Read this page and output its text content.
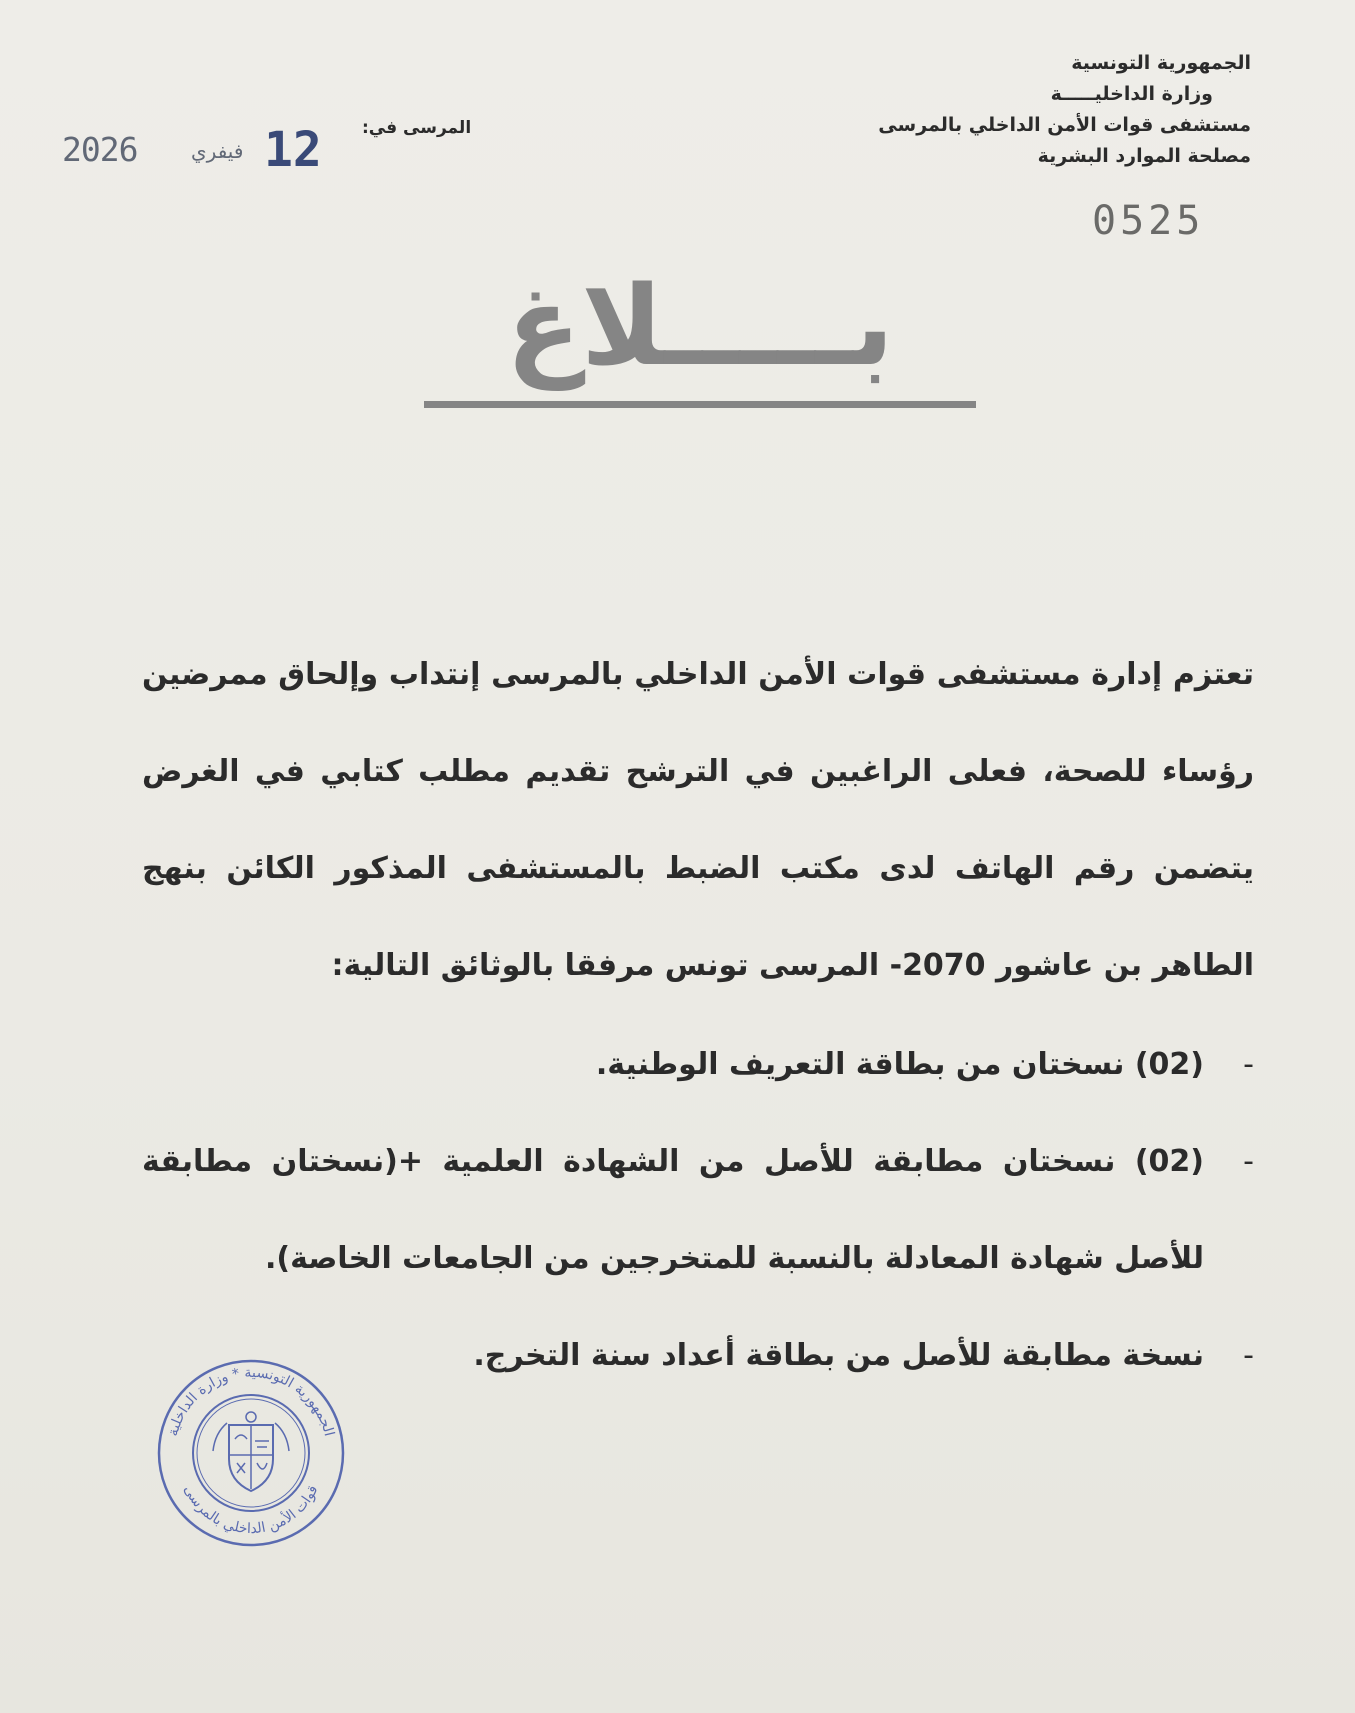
الجمهورية التونسية
وزارة الداخليـــــة
مستشفى قوات الأمن الداخلي بالمرسى
مصلحة الموارد البشرية
0525
المرسى في:
2026	فيفري 12
بـــــلاغ
تعتزم إدارة مستشفى قوات الأمن الداخلي بالمرسى إنتداب وإلحاق ممرضين رؤساء للصحة، فعلى الراغبين في الترشح تقديم مطلب كتابي في الغرض يتضمن رقم الهاتف لدى مكتب الضبط بالمستشفى المذكور الكائن بنهج الطاهر بن عاشور 2070- المرسى تونس مرفقا بالوثائق التالية:
-
(02) نسختان من بطاقة التعريف الوطنية.
-
(02) نسختان مطابقة للأصل من الشهادة العلمية +(نسختان مطابقة للأصل شهادة المعادلة بالنسبة للمتخرجين من الجامعات الخاصة).
-
نسخة مطابقة للأصل من بطاقة أعداد سنة التخرج.
الجمهورية التونسية * وزارة الداخلية
قوات الأمن الداخلي بالمرسى
